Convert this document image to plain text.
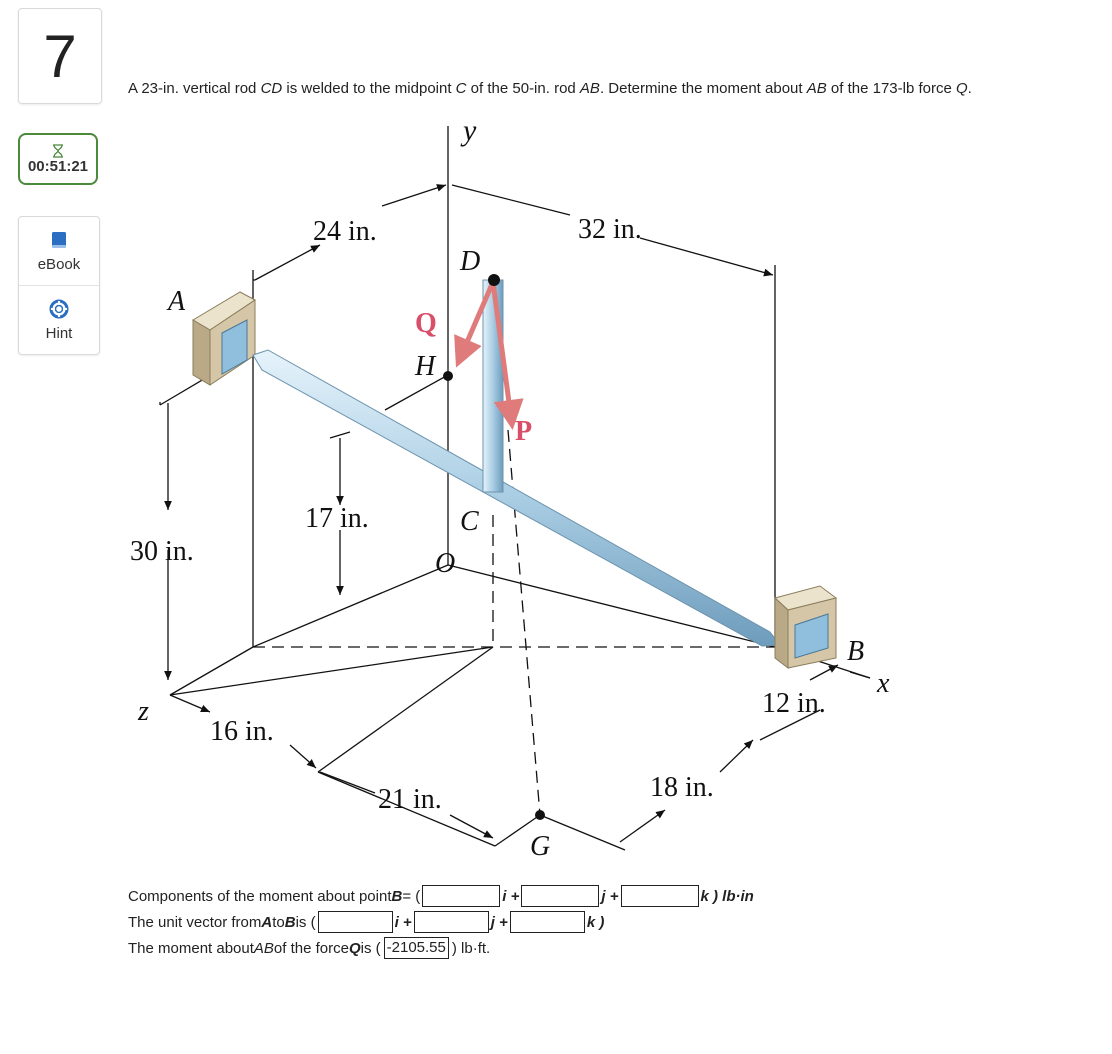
7
00:51:21
eBook
Hint
A 23-in. vertical rod CD is welded to the midpoint C of the 50-in. rod AB. Determine the moment about AB of the 173-lb force Q.
y
x
z
A
B
C
D
H
O
G
Q
P
24 in.	32 in.
17 in.
30 in.
16 in.
21 in.	18 in.
12 in.
Components of the moment about point B = (	i +	j +	k ) lb·in
The unit vector from A to B is (	i +	j +	k )
The moment about AB of the force Q is ( -2105.55 ) lb·ft.
